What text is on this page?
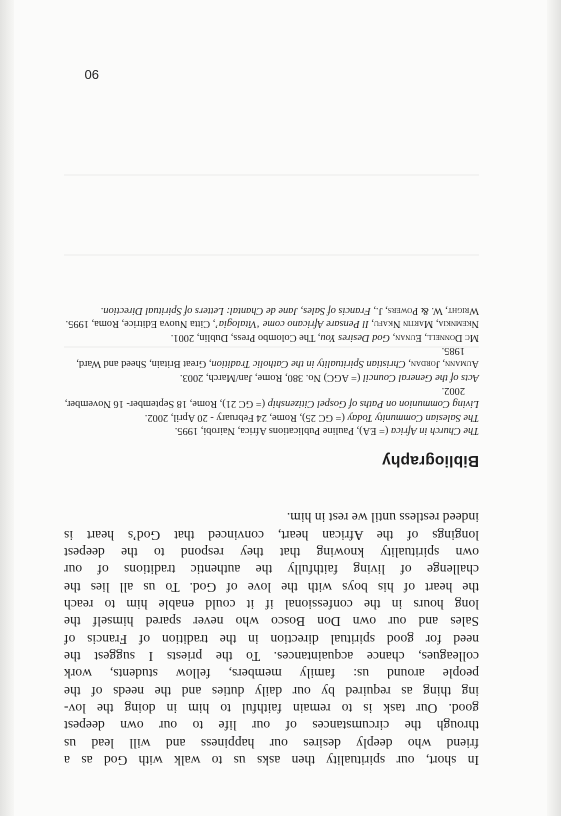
In short, our spirituality then asks us to walk with God as a
friend who deeply desires our happiness and will lead us
through the circumstances of our life to our own deepest
good. Our task is to remain faithful to him in doing the lov-
ing thing as required by our daily duties and the needs of the
people around us: family members, fellow students, work
colleagues, chance acquaintances. To the priests I suggest the
need for good spiritual direction in the tradition of Francis of
Sales and our own Don Bosco who never spared himself the
long hours in the confessional if it could enable him to reach
the heart of his boys with the love of God. To us all lies the
challenge of living faithfully the authentic traditions of our
own spirituality knowing that they respond to the deepest
longings of the African heart, convinced that God’s heart is
indeed restless until we rest in him.

Bibliography

The Church in Africa (= EA), Pauline Publications Africa, Nairobi, 1995.

The Salesian Community Today (= GC 25), Rome, 24 February - 20 April, 2002.

Living Communion on Paths of Gospel Citizenship (= GC 21), Rome, 18 September- 16 November, 2002.

Acts of the General Council (= AGC) No. 380, Rome, Jan/March, 2003.

Aumann, Jordan, Christian Spirituality in the Catholic Tradition, Great Britain, Sheed and Ward, 1985.

Mc Donnell, Eunan, God Desires You, The Colombo Press, Dublin, 2001.

Nkemnkia, Martin Nkafu, Il Pensare Africano come ‘Vitalogia’, Citta Nuova Editrice, Roma, 1995.

Wright, W. & Powers, J., Francis of Sales, Jane de Chantal: Letters of Spiritual Direction.

90
